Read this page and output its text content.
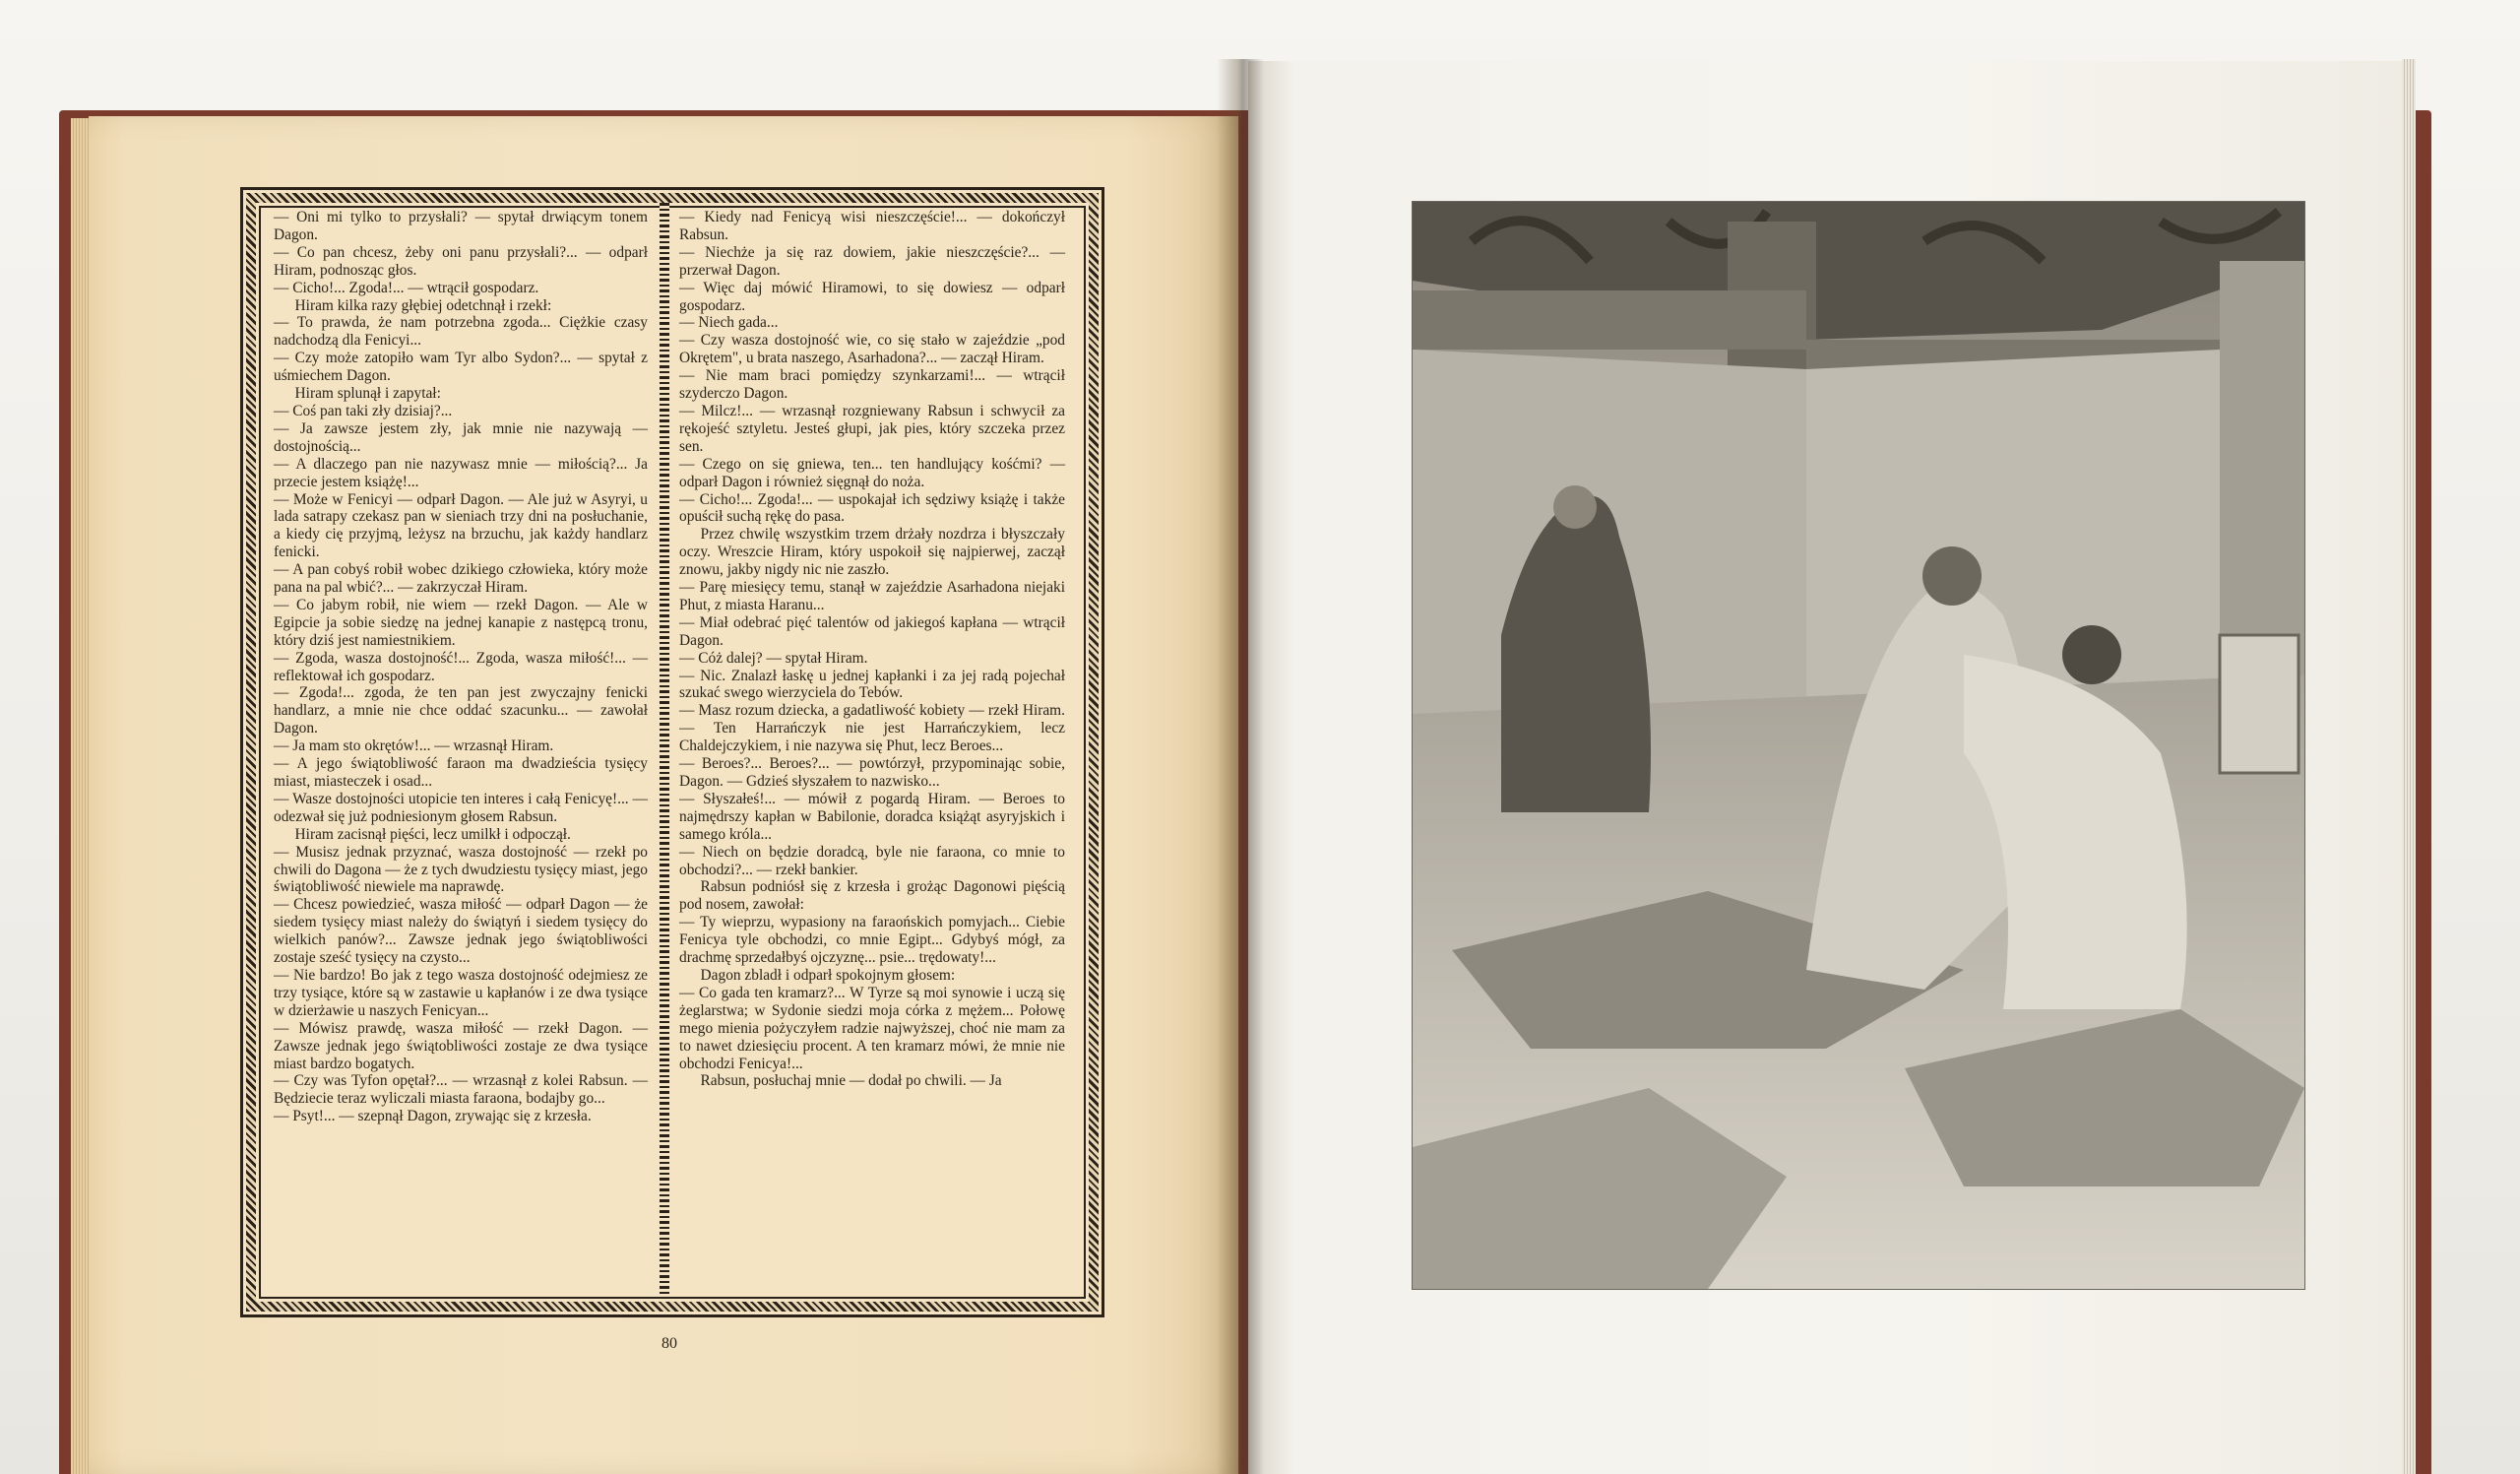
— Oni mi tylko to przysłali? — spytał drwiącym tonem Dagon.

— Co pan chcesz, żeby oni panu przysłali?... — odparł Hiram, podnosząc głos.

— Cicho!... Zgoda!... — wtrącił gospodarz.

Hiram kilka razy głębiej odetchnął i rzekł:

— To prawda, że nam potrzebna zgoda... Ciężkie czasy nadchodzą dla Fenicyi...

— Czy może zatopiło wam Tyr albo Sydon?... — spytał z uśmiechem Dagon.

Hiram splunął i zapytał:

— Coś pan taki zły dzisiaj?...

— Ja zawsze jestem zły, jak mnie nie nazywają — dostojnością...

— A dlaczego pan nie nazywasz mnie — miłością?... Ja przecie jestem książę!...

— Może w Fenicyi — odparł Dagon. — Ale już w Asyryi, u lada satrapy czekasz pan w sieniach trzy dni na posłuchanie, a kiedy cię przyjmą, leżysz na brzuchu, jak każdy handlarz fenicki.

— A pan cobyś robił wobec dzikiego człowieka, który może pana na pal wbić?... — zakrzyczał Hiram.

— Co jabym robił, nie wiem — rzekł Dagon. — Ale w Egipcie ja sobie siedzę na jednej kanapie z następcą tronu, który dziś jest namiestnikiem.

— Zgoda, wasza dostojność!... Zgoda, wasza miłość!... — reflektował ich gospodarz.

— Zgoda!... zgoda, że ten pan jest zwyczajny fenicki handlarz, a mnie nie chce oddać szacunku... — zawołał Dagon.

— Ja mam sto okrętów!... — wrzasnął Hiram.

— A jego świątobliwość faraon ma dwadzieścia tysięcy miast, miasteczek i osad...

— Wasze dostojności utopicie ten interes i całą Fenicyę!... — odezwał się już podniesionym głosem Rabsun.

Hiram zacisnął pięści, lecz umilkł i odpoczął.

— Musisz jednak przyznać, wasza dostojność — rzekł po chwili do Dagona — że z tych dwudziestu tysięcy miast, jego świątobliwość niewiele ma naprawdę.

— Chcesz powiedzieć, wasza miłość — odparł Dagon — że siedem tysięcy miast należy do świątyń i siedem tysięcy do wielkich panów?... Zawsze jednak jego świątobliwości zostaje sześć tysięcy na czysto...

— Nie bardzo! Bo jak z tego wasza dostojność odejmiesz ze trzy tysiące, które są w zastawie u kapłanów i ze dwa tysiące w dzierżawie u naszych Fenicyan...

— Mówisz prawdę, wasza miłość — rzekł Dagon. — Zawsze jednak jego świątobliwości zostaje ze dwa tysiące miast bardzo bogatych.

— Czy was Tyfon opętał?... — wrzasnął z kolei Rabsun. — Będziecie teraz wyliczali miasta faraona, bodajby go...

— Psyt!... — szepnął Dagon, zrywając się z krzesła.

— Kiedy nad Fenicyą wisi nieszczęście!... — dokończył Rabsun.

— Niechże ja się raz dowiem, jakie nieszczęście?... — przerwał Dagon.

— Więc daj mówić Hiramowi, to się dowiesz — odparł gospodarz.

— Niech gada...

— Czy wasza dostojność wie, co się stało w zajeździe „pod Okrętem", u brata naszego, Asarhadona?... — zaczął Hiram.

— Nie mam braci pomiędzy szynkarzami!... — wtrącił szyderczo Dagon.

— Milcz!... — wrzasnął rozgniewany Rabsun i schwycił za rękojeść sztyletu. Jesteś głupi, jak pies, który szczeka przez sen.

— Czego on się gniewa, ten... ten handlujący kośćmi? — odparł Dagon i również sięgnął do noża.

— Cicho!... Zgoda!... — uspokajał ich sędziwy książę i także opuścił suchą rękę do pasa.

Przez chwilę wszystkim trzem drżały nozdrza i błyszczały oczy. Wreszcie Hiram, który uspokoił się najpierwej, zaczął znowu, jakby nigdy nic nie zaszło.

— Parę miesięcy temu, stanął w zajeździe Asarhadona niejaki Phut, z miasta Haranu...

— Miał odebrać pięć talentów od jakiegoś kapłana — wtrącił Dagon.

— Cóż dalej? — spytał Hiram.

— Nic. Znalazł łaskę u jednej kapłanki i za jej radą pojechał szukać swego wierzyciela do Tebów.

— Masz rozum dziecka, a gadatliwość kobiety — rzekł Hiram. — Ten Harrańczyk nie jest Harrańczykiem, lecz Chaldejczykiem, i nie nazywa się Phut, lecz Beroes...

— Beroes?... Beroes?... — powtórzył, przypominając sobie, Dagon. — Gdzieś słyszałem to nazwisko...

— Słyszałeś!... — mówił z pogardą Hiram. — Beroes to najmędrszy kapłan w Babilonie, doradca książąt asyryjskich i samego króla...

— Niech on będzie doradcą, byle nie faraona, co mnie to obchodzi?... — rzekł bankier.

Rabsun podniósł się z krzesła i grożąc Dagonowi pięścią pod nosem, zawołał:

— Ty wieprzu, wypasiony na faraońskich pomyjach... Ciebie Fenicya tyle obchodzi, co mnie Egipt... Gdybyś mógł, za drachmę sprzedałbyś ojczyznę... psie... trędowaty!...

Dagon zbladł i odparł spokojnym głosem:

— Co gada ten kramarz?... W Tyrze są moi synowie i uczą się żeglarstwa; w Sydonie siedzi moja córka z mężem... Połowę mego mienia pożyczyłem radzie najwyższej, choć nie mam za to nawet dziesięciu procent. A ten kramarz mówi, że mnie nie obchodzi Fenicya!...

Rabsun, posłuchaj mnie — dodał po chwili. — Ja

80
